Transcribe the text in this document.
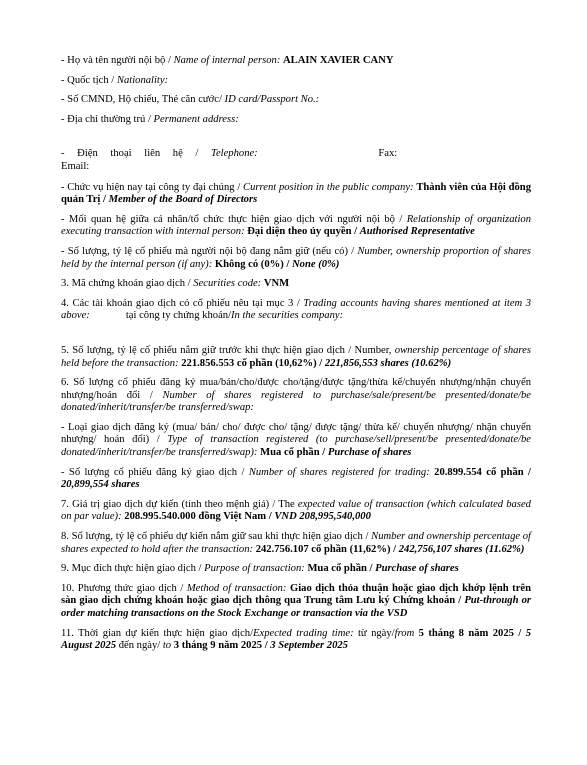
- Họ và tên người nội bộ / Name of internal person: ALAIN XAVIER CANY

- Quốc tịch / Nationality:

- Số CMND, Hộ chiếu, Thẻ căn cước/ ID card/Passport No.:

- Địa chỉ thường trú / Permanent address:

- Điện thoại liên hệ / Telephone:	Fax:
Email:

- Chức vụ hiện nay tại công ty đại chúng / Current position in the public company: Thành viên của Hội đồng quản Trị / Member of the Board of Directors

- Mối quan hệ giữa cá nhân/tổ chức thực hiện giao dịch với người nội bộ / Relationship of organization executing transaction with internal person: Đại diện theo ủy quyền / Authorised Representative

- Số lượng, tỷ lệ cổ phiếu mà người nội bộ đang nắm giữ (nếu có) / Number, ownership proportion of shares held by the internal person (if any): Không có (0%) / None (0%)

3. Mã chứng khoán giao dịch / Securities code: VNM

4. Các tài khoản giao dịch có cổ phiếu nêu tại mục 3 / Trading accounts having shares mentioned at item 3 above:	tại công ty chứng khoán/In the securities company:

5. Số lượng, tỷ lệ cổ phiếu nắm giữ trước khi thực hiện giao dịch / Number, ownership percentage of shares held before the transaction: 221.856.553 cổ phần (10,62%) / 221,856,553 shares (10.62%)

6. Số lượng cổ phiếu đăng ký mua/bán/cho/được cho/tặng/được tặng/thừa kế/chuyển nhượng/nhận chuyển nhượng/hoán đổi / Number of shares registered to purchase/sale/present/be presented/donate/be donated/inherit/transfer/be transferred/swap:

- Loại giao dịch đăng ký (mua/ bán/ cho/ được cho/ tặng/ được tặng/ thừa kế/ chuyển nhượng/ nhận chuyển nhượng/ hoán đổi) / Type of transaction registered (to purchase/sell/present/be presented/donate/be donated/inherit/transfer/be transferred/swap): Mua cổ phần / Purchase of shares

- Số lượng cổ phiếu đăng ký giao dịch / Number of shares registered for trading: 20.899.554 cổ phần / 20,899,554 shares

7. Giá trị giao dịch dự kiến (tính theo mệnh giá) / The expected value of transaction (which calculated based on par value): 208.995.540.000 đồng Việt Nam / VND 208,995,540,000

8. Số lượng, tỷ lệ cổ phiếu dự kiến nắm giữ sau khi thực hiện giao dịch / Number and ownership percentage of shares expected to hold after the transaction: 242.756.107 cổ phần (11,62%) / 242,756,107 shares (11.62%)

9. Mục đích thực hiện giao dịch / Purpose of transaction: Mua cổ phần / Purchase of shares

10. Phương thức giao dịch / Method of transaction: Giao dịch thỏa thuận hoặc giao dịch khớp lệnh trên sàn giao dịch chứng khoán hoặc giao dịch thông qua Trung tâm Lưu ký Chứng khoán / Put-through or order matching transactions on the Stock Exchange or transaction via the VSD

11. Thời gian dự kiến thực hiện giao dịch/Expected trading time: từ ngày/from 5 tháng 8 năm 2025 / 5 August 2025 đến ngày/ to 3 tháng 9 năm 2025 / 3 September 2025
